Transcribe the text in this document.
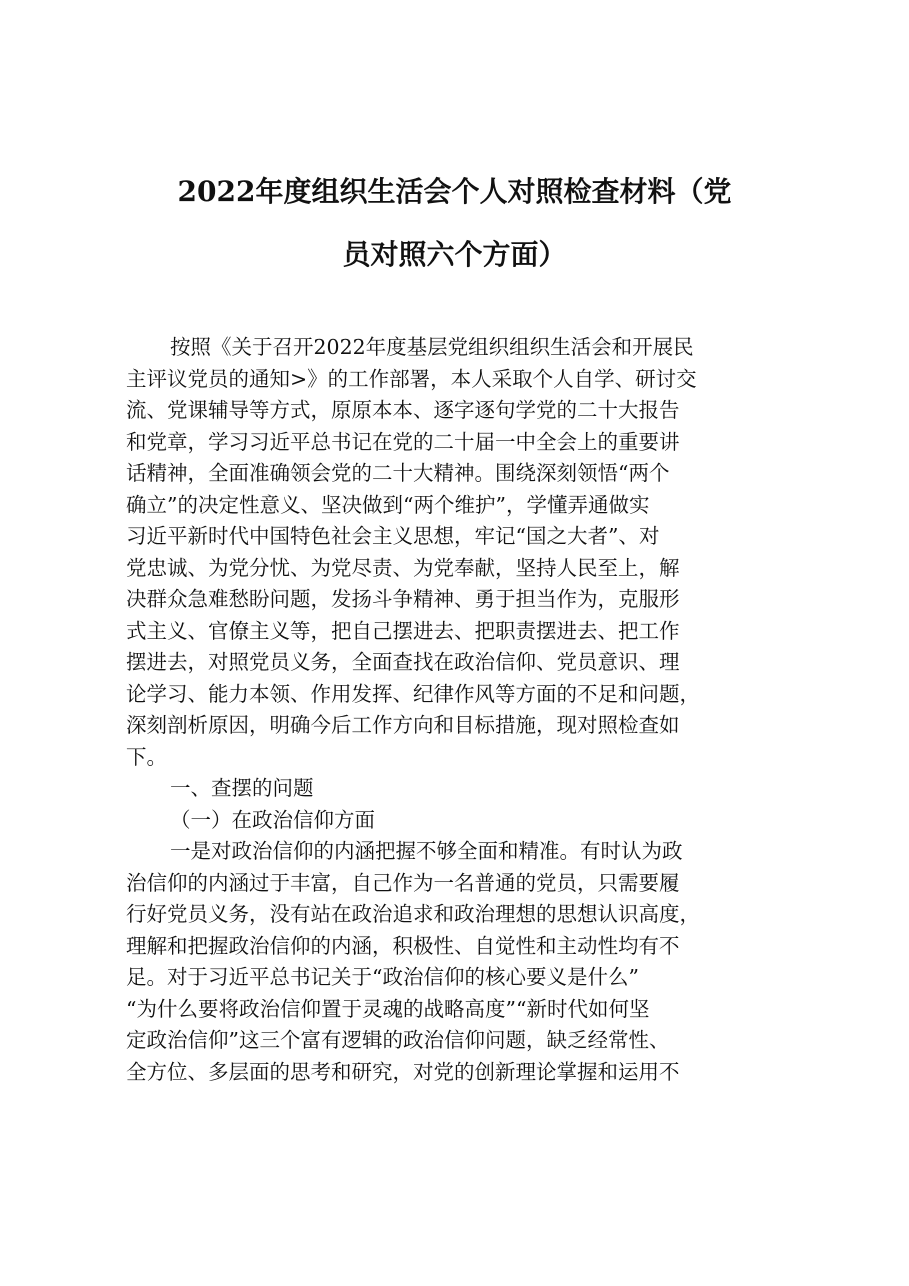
2022年度组织生活会个人对照检查材料（党
员对照六个方面）

按照《关于召开2022年度基层党组织组织生活会和开展民

主评议党员的通知>》的工作部署，本人采取个人自学、研讨交

流、党课辅导等方式，原原本本、逐字逐句学党的二十大报告

和党章，学习习近平总书记在党的二十届一中全会上的重要讲

话精神，全面准确领会党的二十大精神。围绕深刻领悟“两个

确立”的决定性意义、坚决做到“两个维护”，学懂弄通做实

习近平新时代中国特色社会主义思想，牢记“国之大者”、对

党忠诚、为党分忧、为党尽责、为党奉献，坚持人民至上，解

决群众急难愁盼问题，发扬斗争精神、勇于担当作为，克服形

式主义、官僚主义等，把自己摆进去、把职责摆进去、把工作

摆进去，对照党员义务，全面查找在政治信仰、党员意识、理

论学习、能力本领、作用发挥、纪律作风等方面的不足和问题，

深刻剖析原因，明确今后工作方向和目标措施，现对照检查如

下。

一、查摆的问题

（一）在政治信仰方面

一是对政治信仰的内涵把握不够全面和精准。有时认为政

治信仰的内涵过于丰富，自己作为一名普通的党员，只需要履

行好党员义务，没有站在政治追求和政治理想的思想认识高度，

理解和把握政治信仰的内涵，积极性、自觉性和主动性均有不

足。对于习近平总书记关于“政治信仰的核心要义是什么”

“为什么要将政治信仰置于灵魂的战略高度”“新时代如何坚

定政治信仰”这三个富有逻辑的政治信仰问题，缺乏经常性、

全方位、多层面的思考和研究，对党的创新理论掌握和运用不
